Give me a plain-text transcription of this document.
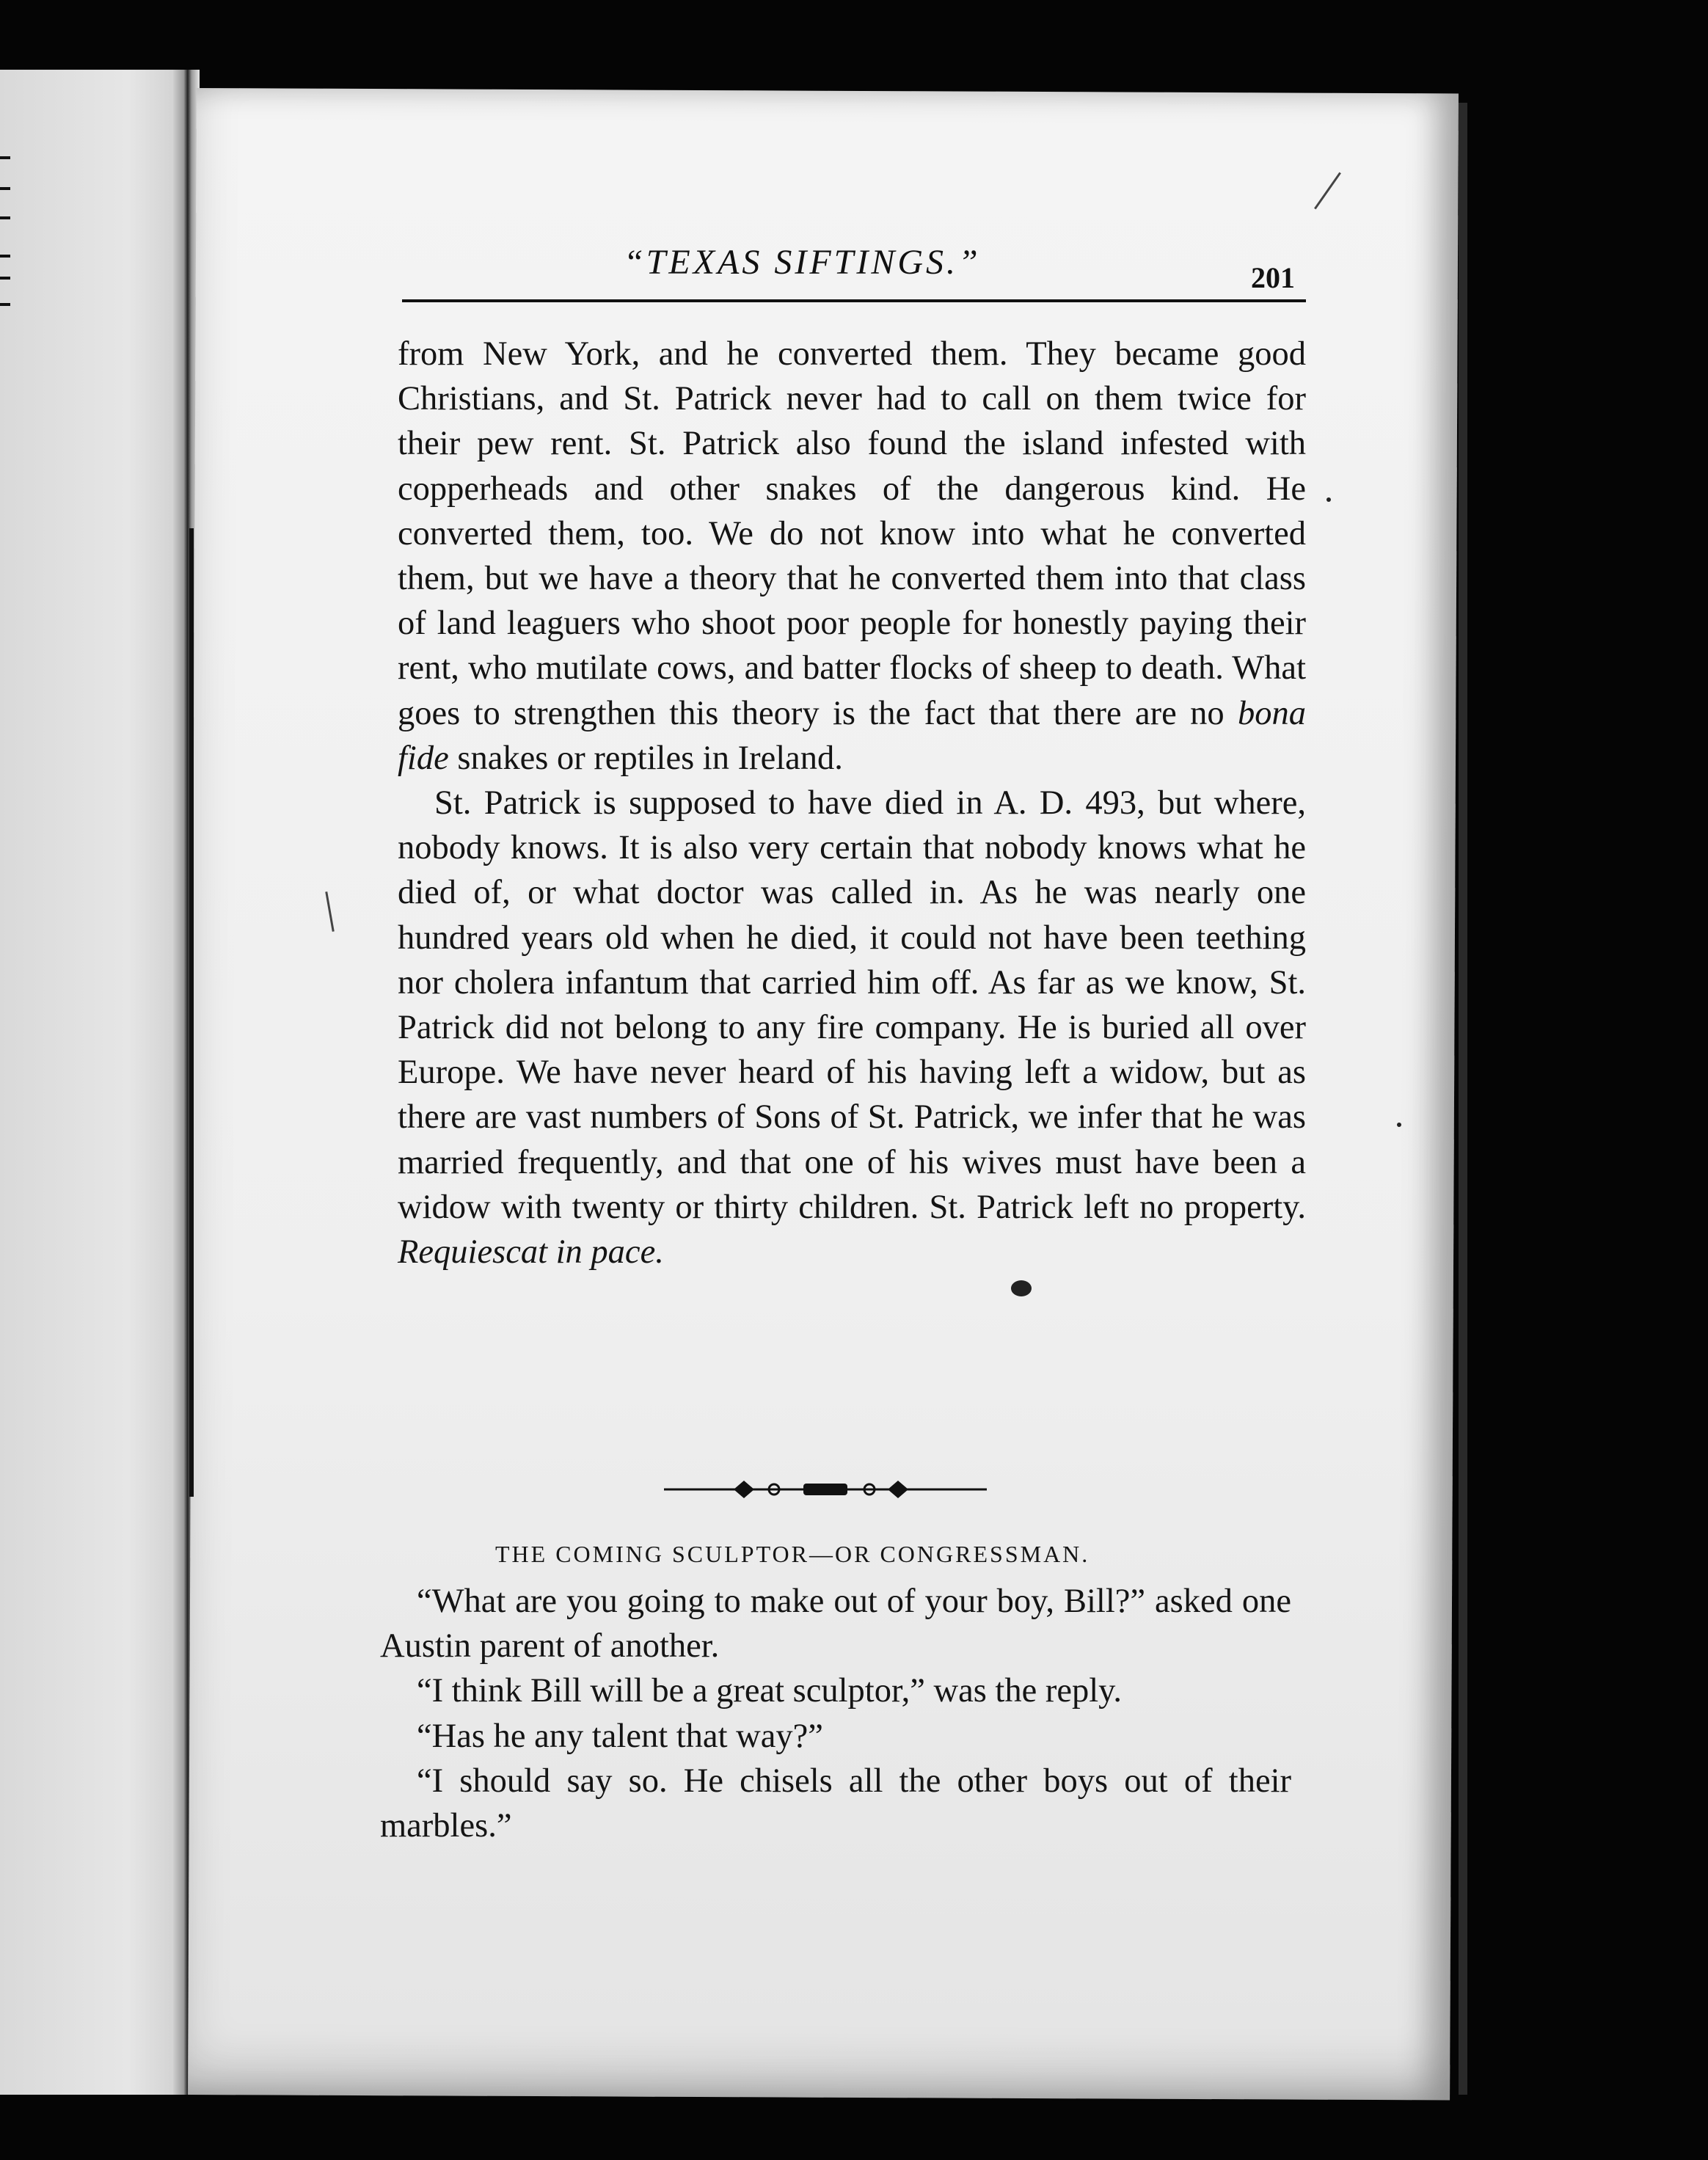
“TEXAS SIFTINGS.”	201

from New York, and he converted them. They became good Christians, and St. Patrick never had to call on them twice for their pew rent. St. Patrick also found the island infested with copperheads and other snakes of the dangerous kind. He converted them, too. We do not know into what he converted them, but we have a theory that he converted them into that class of land leaguers who shoot poor people for honestly paying their rent, who mutilate cows, and batter flocks of sheep to death. What goes to strengthen this theory is the fact that there are no bona fide snakes or reptiles in Ireland.

St. Patrick is supposed to have died in A. D. 493, but where, nobody knows. It is also very certain that nobody knows what he died of, or what doctor was called in. As he was nearly one hundred years old when he died, it could not have been teething nor cholera infantum that carried him off. As far as we know, St. Patrick did not belong to any fire company. He is buried all over Europe. We have never heard of his having left a widow, but as there are vast numbers of Sons of St. Patrick, we infer that he was married frequently, and that one of his wives must have been a widow with twenty or thirty children. St. Patrick left no property. Requiescat in pace.

THE COMING SCULPTOR—OR CONGRESSMAN.

“What are you going to make out of your boy, Bill?” asked one Austin parent of another.

“I think Bill will be a great sculptor,” was the reply.

“Has he any talent that way?”

“I should say so. He chisels all the other boys out of their marbles.”
